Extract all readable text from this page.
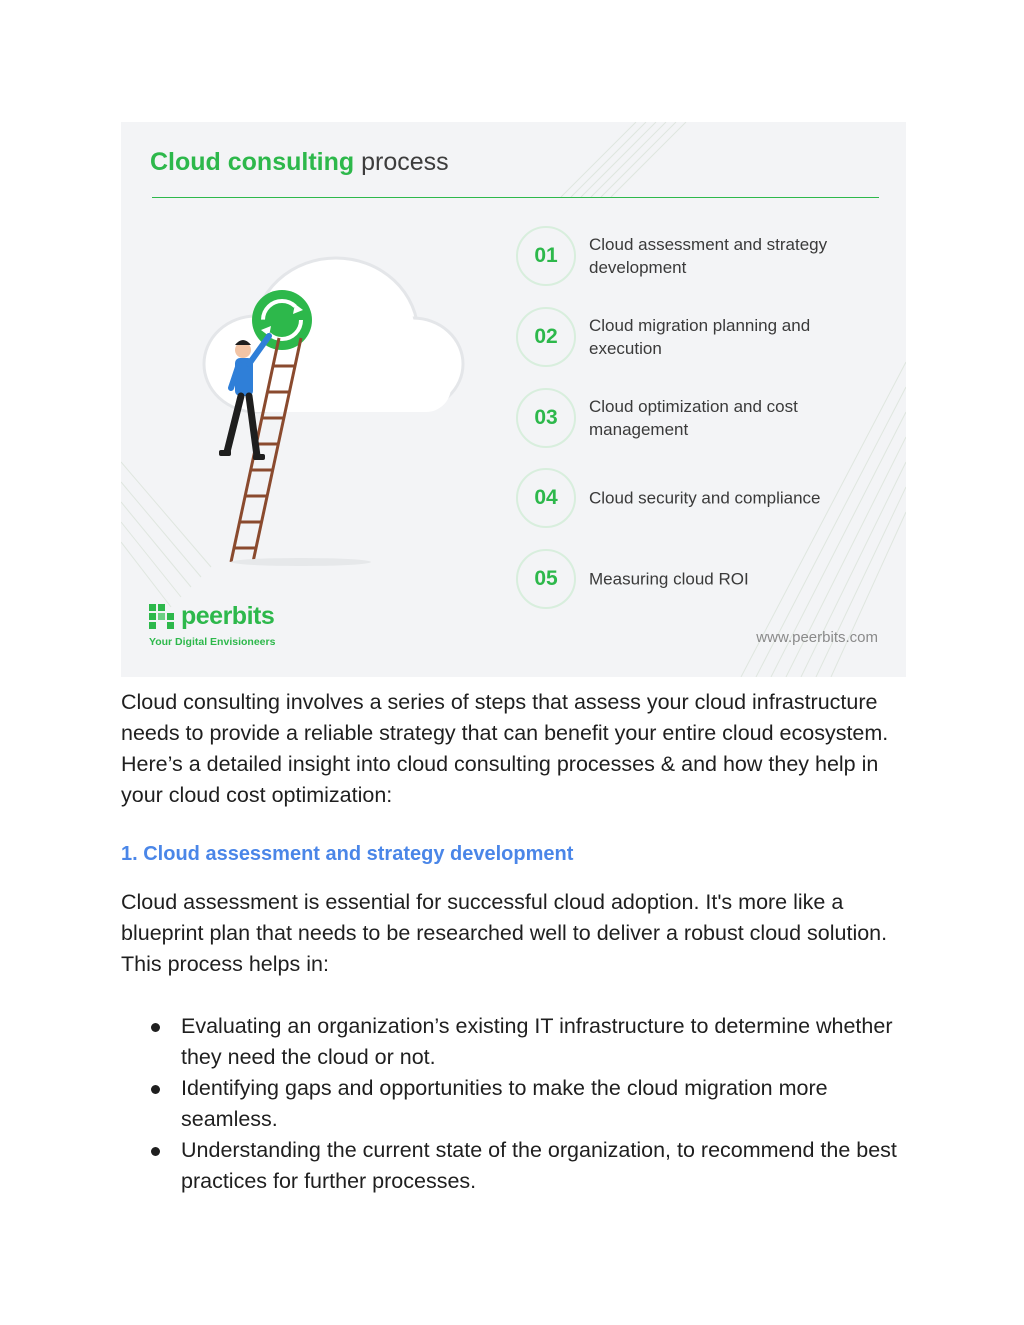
Cloud consulting process
01	Cloud assessment and strategy development
02	Cloud migration planning and execution
03	Cloud optimization and cost management
04	Cloud security and compliance
05	Measuring cloud ROI
peerbits
Your Digital Envisioneers	www.peerbits.com

Cloud consulting involves a series of steps that assess your cloud infrastructure needs to provide a reliable strategy that can benefit your entire cloud ecosystem. Here’s a detailed insight into cloud consulting processes & and how they help in your cloud cost optimization:

1. Cloud assessment and strategy development

Cloud assessment is essential for successful cloud adoption. It's more like a blueprint plan that needs to be researched well to deliver a robust cloud solution. This process helps in:

Evaluating an organization’s existing IT infrastructure to determine whether they need the cloud or not.
Identifying gaps and opportunities to make the cloud migration more seamless.
Understanding the current state of the organization, to recommend the best practices for further processes.
